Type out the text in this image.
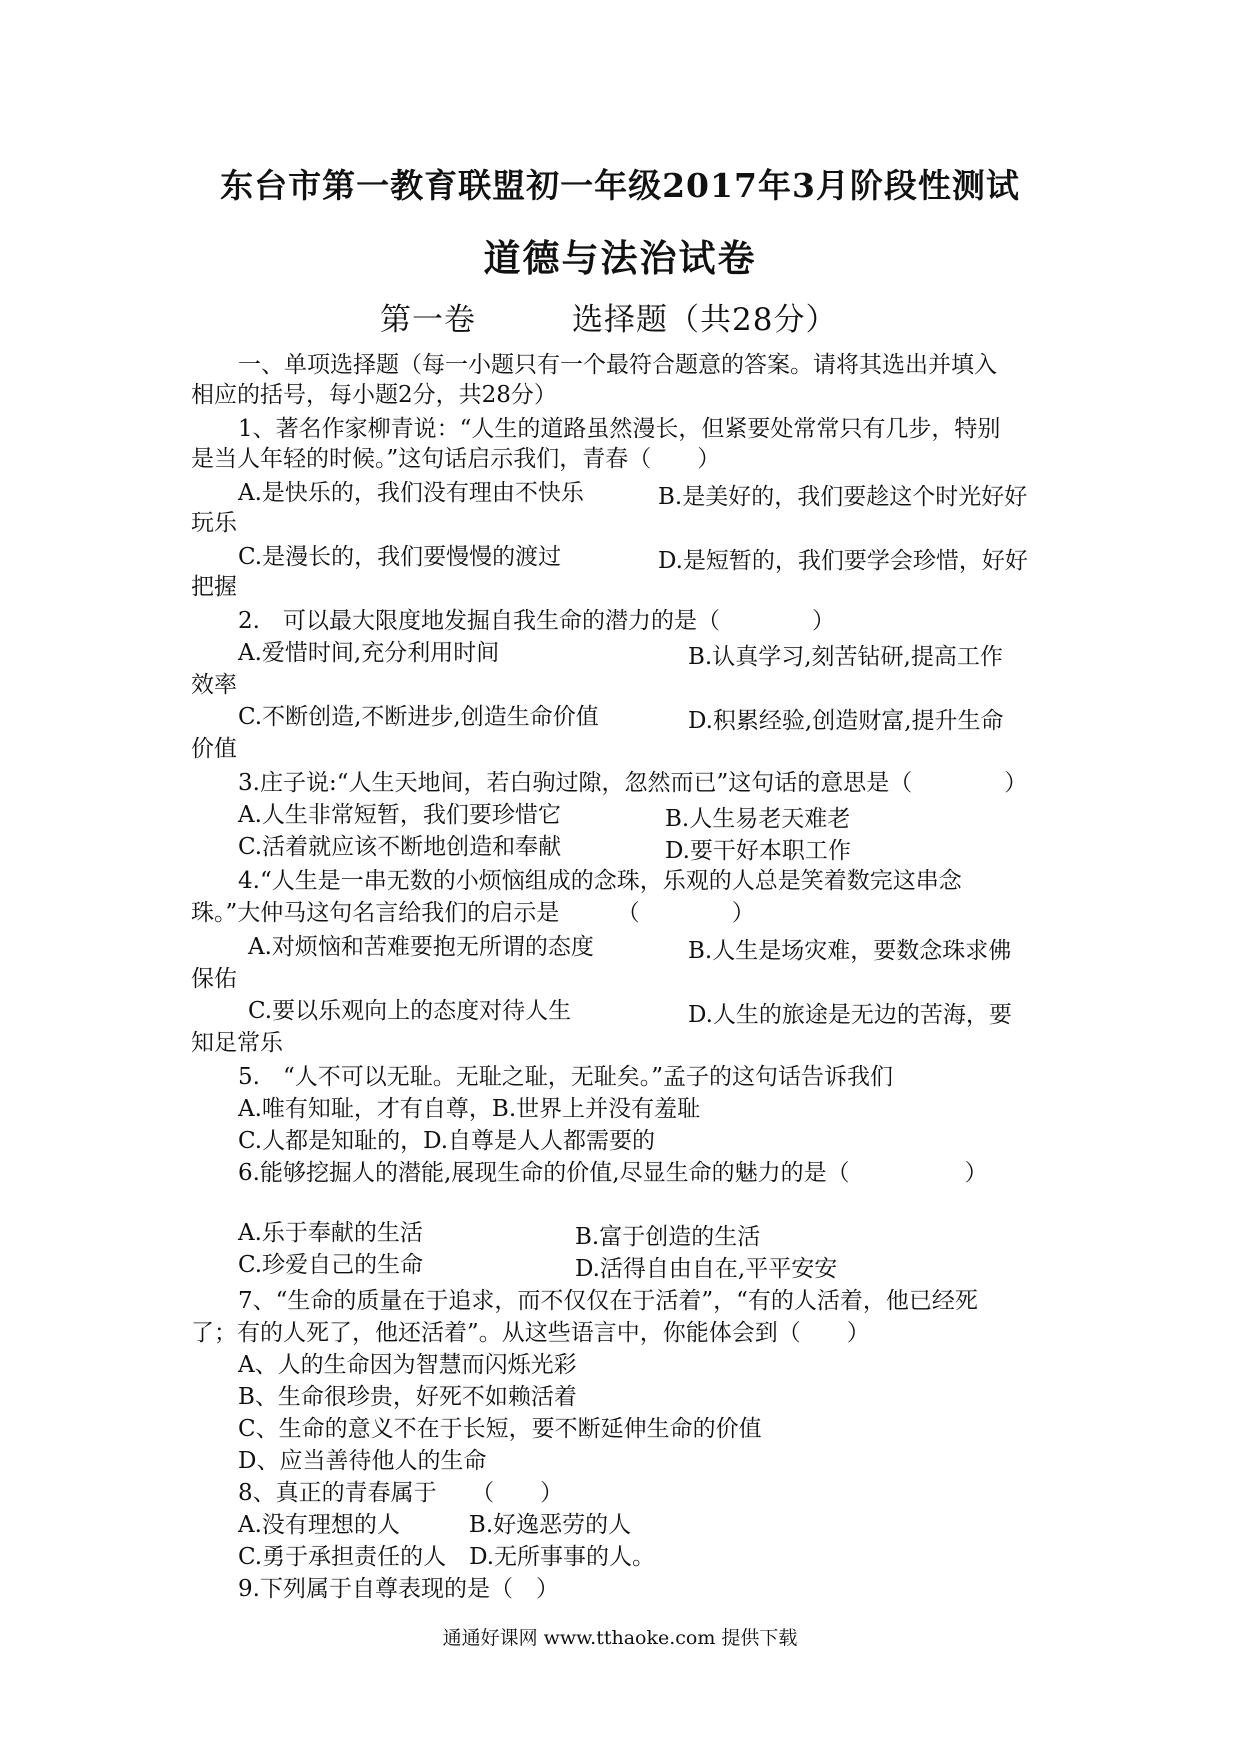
东台市第一教育联盟初一年级2017年3月阶段性测试
道德与法治试卷
第一卷	选择题（共28分）
一、单项选择题（每一小题只有一个最符合题意的答案。请将其选出并填入
相应的括号，每小题2分，共28分）
1、著名作家柳青说：“人生的道路虽然漫长，但紧要处常常只有几步，特别
是当人年轻的时候。”这句话启示我们，青春（　　）
A.是快乐的，我们没有理由不快乐	B.是美好的，我们要趁这个时光好好
玩乐
C.是漫长的，我们要慢慢的渡过	D.是短暂的，我们要学会珍惜，好好
把握
2.　可以最大限度地发掘自我生命的潜力的是（　　　　）
A.爱惜时间,充分利用时间	B.认真学习,刻苦钻研,提高工作
效率
C.不断创造,不断进步,创造生命价值	D.积累经验,创造财富,提升生命
价值
3.庄子说:“人生天地间，若白驹过隙，忽然而已”这句话的意思是（　　　　）
A.人生非常短暂，我们要珍惜它	B.人生易老天难老
C.活着就应该不断地创造和奉献	D.要干好本职工作
4.“人生是一串无数的小烦恼组成的念珠，乐观的人总是笑着数完这串念
珠。”大仲马这句名言给我们的启示是　　　（　　　　）
A.对烦恼和苦难要抱无所谓的态度	B.人生是场灾难，要数念珠求佛
保佑
C.要以乐观向上的态度对待人生	D.人生的旅途是无边的苦海，要
知足常乐
5.　“人不可以无耻。无耻之耻，无耻矣。”孟子的这句话告诉我们
A.唯有知耻，才有自尊，B.世界上并没有羞耻
C.人都是知耻的，D.自尊是人人都需要的
6.能够挖掘人的潜能,展现生命的价值,尽显生命的魅力的是（　　　　　）
A.乐于奉献的生活	B.富于创造的生活
C.珍爱自己的生命	D.活得自由自在,平平安安
7、“生命的质量在于追求，而不仅仅在于活着”，“有的人活着，他已经死
了；有的人死了，他还活着”。从这些语言中，你能体会到（　　）
A、人的生命因为智慧而闪烁光彩
B、生命很珍贵，好死不如赖活着
C、生命的意义不在于长短，要不断延伸生命的价值
D、应当善待他人的生命
8、真正的青春属于　　（　　）
A.没有理想的人　　　B.好逸恶劳的人
C.勇于承担责任的人　D.无所事事的人。
9.下列属于自尊表现的是（　）
通通好课网 www.tthaoke.com 提供下载
